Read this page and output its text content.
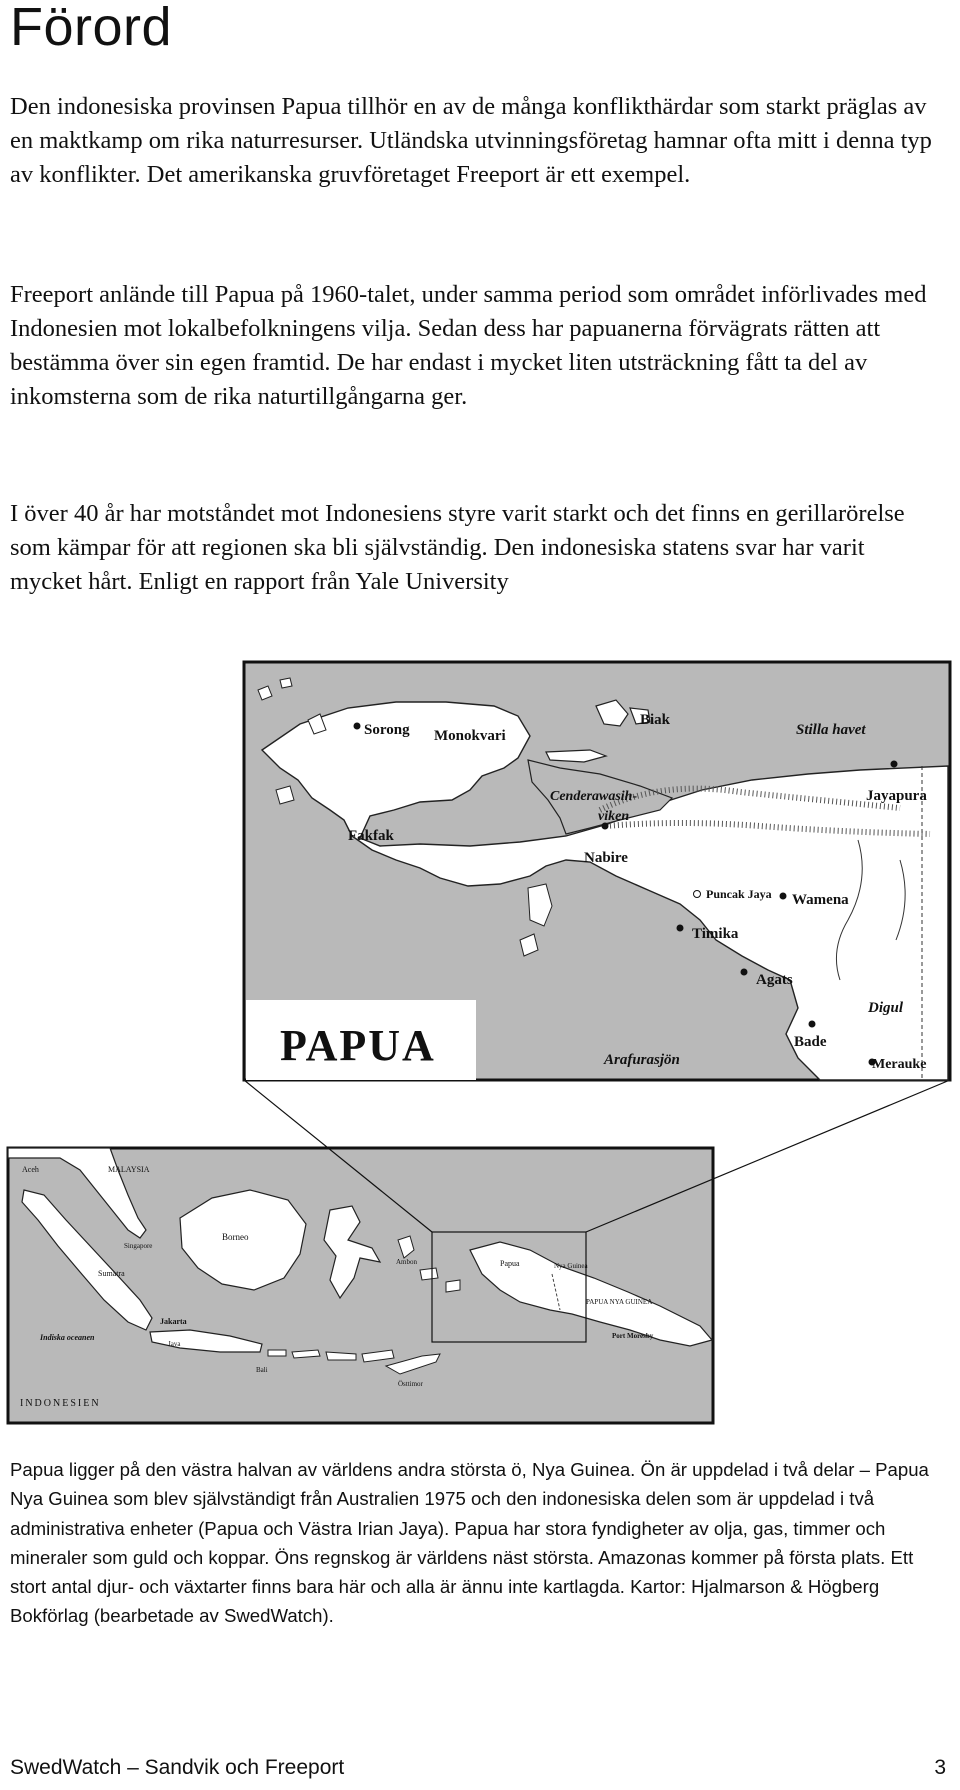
Förord

Den indonesiska provinsen Papua tillhör en av de många konflikthärdar som starkt präglas av en maktkamp om rika naturresurser. Utländska utvinningsföretag hamnar ofta mitt i denna typ av konflikter. Det amerikanska gruvföretaget Freeport är ett exempel.

Freeport anlände till Papua på 1960-talet, under samma period som området införlivades med Indonesien mot lokalbefolkningens vilja. Sedan dess har papuanerna förvägrats rätten att bestämma över sin egen framtid. De har endast i mycket liten utsträckning fått ta del av inkomsterna som de rika naturtillgångarna ger.

I över 40 år har motståndet mot Indonesiens styre varit starkt och det finns en gerillarörelse som kämpar för att regionen ska bli självständig. Den indonesiska statens svar har varit mycket hårt. Enligt en rapport från Yale University

Aceh	MALAYSIA
Singapore
Borneo
Sumatra
Jakarta
Java
Indiska oceanen
Bali
Papua
Ambon	Nya Guinea
PAPUA NYA GUINEA
Port Moresby
Östtimor
INDONESIEN
Sorong Monokvari
Biak
Stilla havet
Cenderawasih-
viken
Jayapura
Fakfak
Nabire
Puncak Jaya Wamena
Timika
Agats
Digul
Bade
Arafurasjön	Merauke
PAPUA

Papua ligger på den västra halvan av världens andra största ö, Nya Guinea. Ön är uppdelad i två delar – Papua Nya Guinea som blev självständigt från Australien 1975 och den indonesiska delen som är uppdelad i två administrativa enheter (Papua och Västra Irian Jaya). Papua har stora fyndigheter av olja, gas, timmer och mineraler som guld och koppar. Öns regnskog är världens näst största. Amazonas kommer på första plats. Ett stort antal djur- och växtarter finns bara här och alla är ännu inte kartlagda. Kartor: Hjalmarson & Högberg Bokförlag (bearbetade av SwedWatch).

SwedWatch – Sandvik och Freeport	3
